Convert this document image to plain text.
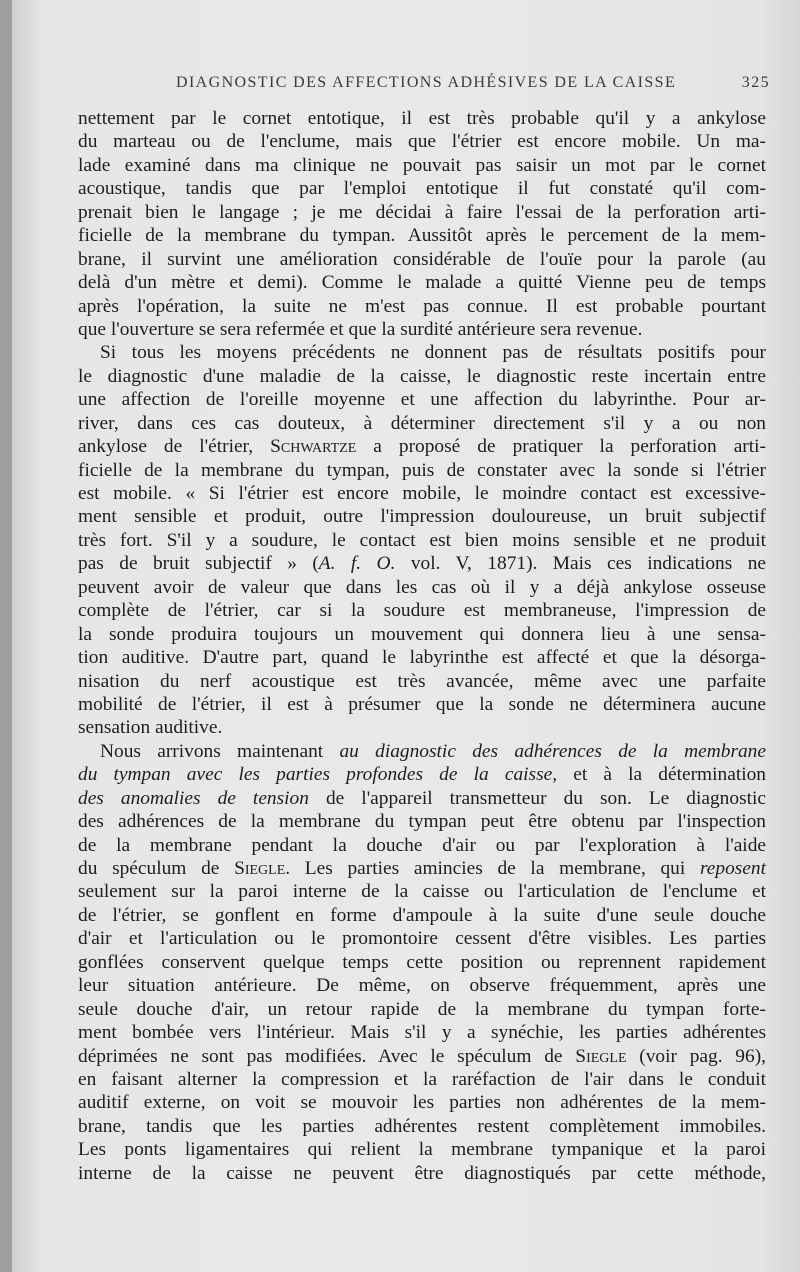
DIAGNOSTIC DES AFFECTIONS ADHÉSIVES DE LA CAISSE	325
nettement par le cornet entotique, il est très probable qu'il y a ankylose
du marteau ou de l'enclume, mais que l'étrier est encore mobile. Un ma-
lade examiné dans ma clinique ne pouvait pas saisir un mot par le cornet
acoustique, tandis que par l'emploi entotique il fut constaté qu'il com-
prenait bien le langage ; je me décidai à faire l'essai de la perforation arti-
ficielle de la membrane du tympan. Aussitôt après le percement de la mem-
brane, il survint une amélioration considérable de l'ouïe pour la parole (au
delà d'un mètre et demi). Comme le malade a quitté Vienne peu de temps
après l'opération, la suite ne m'est pas connue. Il est probable pourtant
que l'ouverture se sera refermée et que la surdité antérieure sera revenue.
Si tous les moyens précédents ne donnent pas de résultats positifs pour
le diagnostic d'une maladie de la caisse, le diagnostic reste incertain entre
une affection de l'oreille moyenne et une affection du labyrinthe. Pour ar-
river, dans ces cas douteux, à déterminer directement s'il y a ou non
ankylose de l'étrier, Schwartze a proposé de pratiquer la perforation arti-
ficielle de la membrane du tympan, puis de constater avec la sonde si l'étrier
est mobile. « Si l'étrier est encore mobile, le moindre contact est excessive-
ment sensible et produit, outre l'impression douloureuse, un bruit subjectif
très fort. S'il y a soudure, le contact est bien moins sensible et ne produit
pas de bruit subjectif » (A. f. O. vol. V, 1871). Mais ces indications ne
peuvent avoir de valeur que dans les cas où il y a déjà ankylose osseuse
complète de l'étrier, car si la soudure est membraneuse, l'impression de
la sonde produira toujours un mouvement qui donnera lieu à une sensa-
tion auditive. D'autre part, quand le labyrinthe est affecté et que la désorga-
nisation du nerf acoustique est très avancée, même avec une parfaite
mobilité de l'étrier, il est à présumer que la sonde ne déterminera aucune
sensation auditive.
Nous arrivons maintenant au diagnostic des adhérences de la membrane
du tympan avec les parties profondes de la caisse, et à la détermination
des anomalies de tension de l'appareil transmetteur du son. Le diagnostic
des adhérences de la membrane du tympan peut être obtenu par l'inspection
de la membrane pendant la douche d'air ou par l'exploration à l'aide
du spéculum de Siegle. Les parties amincies de la membrane, qui reposent
seulement sur la paroi interne de la caisse ou l'articulation de l'enclume et
de l'étrier, se gonflent en forme d'ampoule à la suite d'une seule douche
d'air et l'articulation ou le promontoire cessent d'être visibles. Les parties
gonflées conservent quelque temps cette position ou reprennent rapidement
leur situation antérieure. De même, on observe fréquemment, après une
seule douche d'air, un retour rapide de la membrane du tympan forte-
ment bombée vers l'intérieur. Mais s'il y a synéchie, les parties adhérentes
déprimées ne sont pas modifiées. Avec le spéculum de Siegle (voir pag. 96),
en faisant alterner la compression et la raréfaction de l'air dans le conduit
auditif externe, on voit se mouvoir les parties non adhérentes de la mem-
brane, tandis que les parties adhérentes restent complètement immobiles.
Les ponts ligamentaires qui relient la membrane tympanique et la paroi
interne de la caisse ne peuvent être diagnostiqués par cette méthode,
